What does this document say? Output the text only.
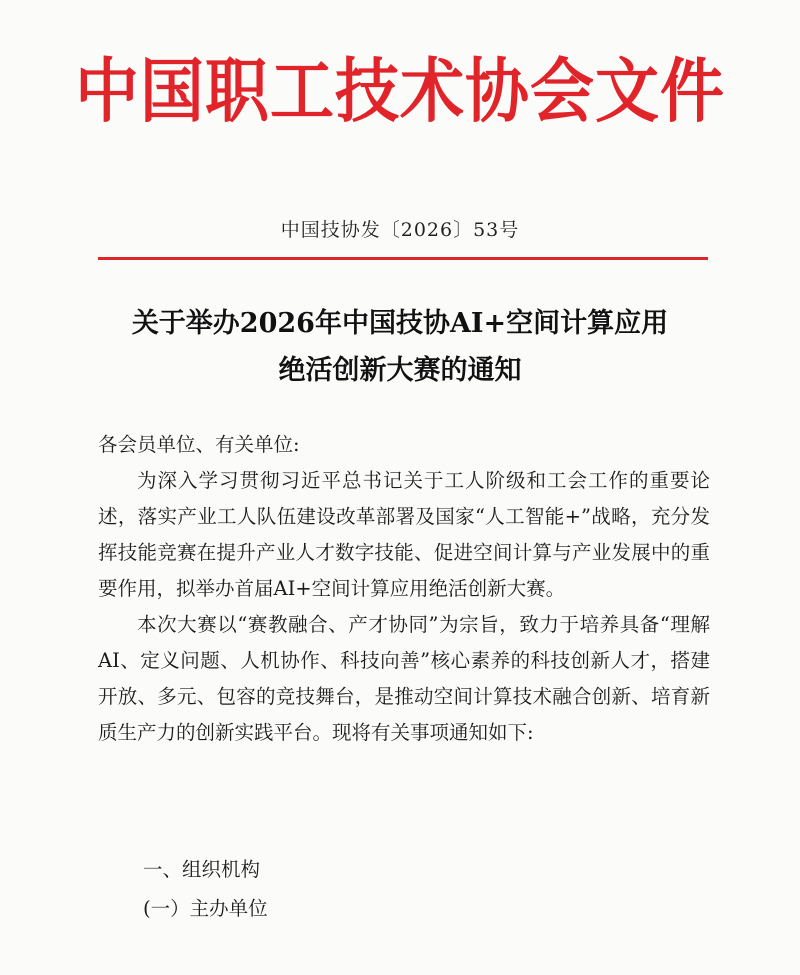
中国职工技术协会文件
中国技协发〔2026〕53号
关于举办2026年中国技协AI+空间计算应用
绝活创新大赛的通知

各会员单位、有关单位:

为深入学习贯彻习近平总书记关于工人阶级和工会工作的重要论述，落实产业工人队伍建设改革部署及国家“人工智能+”战略，充分发挥技能竞赛在提升产业人才数字技能、促进空间计算与产业发展中的重要作用，拟举办首届AI+空间计算应用绝活创新大赛。

本次大赛以“赛教融合、产才协同”为宗旨，致力于培养具备“理解AI、定义问题、人机协作、科技向善”核心素养的科技创新人才，搭建开放、多元、包容的竞技舞台，是推动空间计算技术融合创新、培育新质生产力的创新实践平台。现将有关事项通知如下:

一、组织机构
(一）主办单位
